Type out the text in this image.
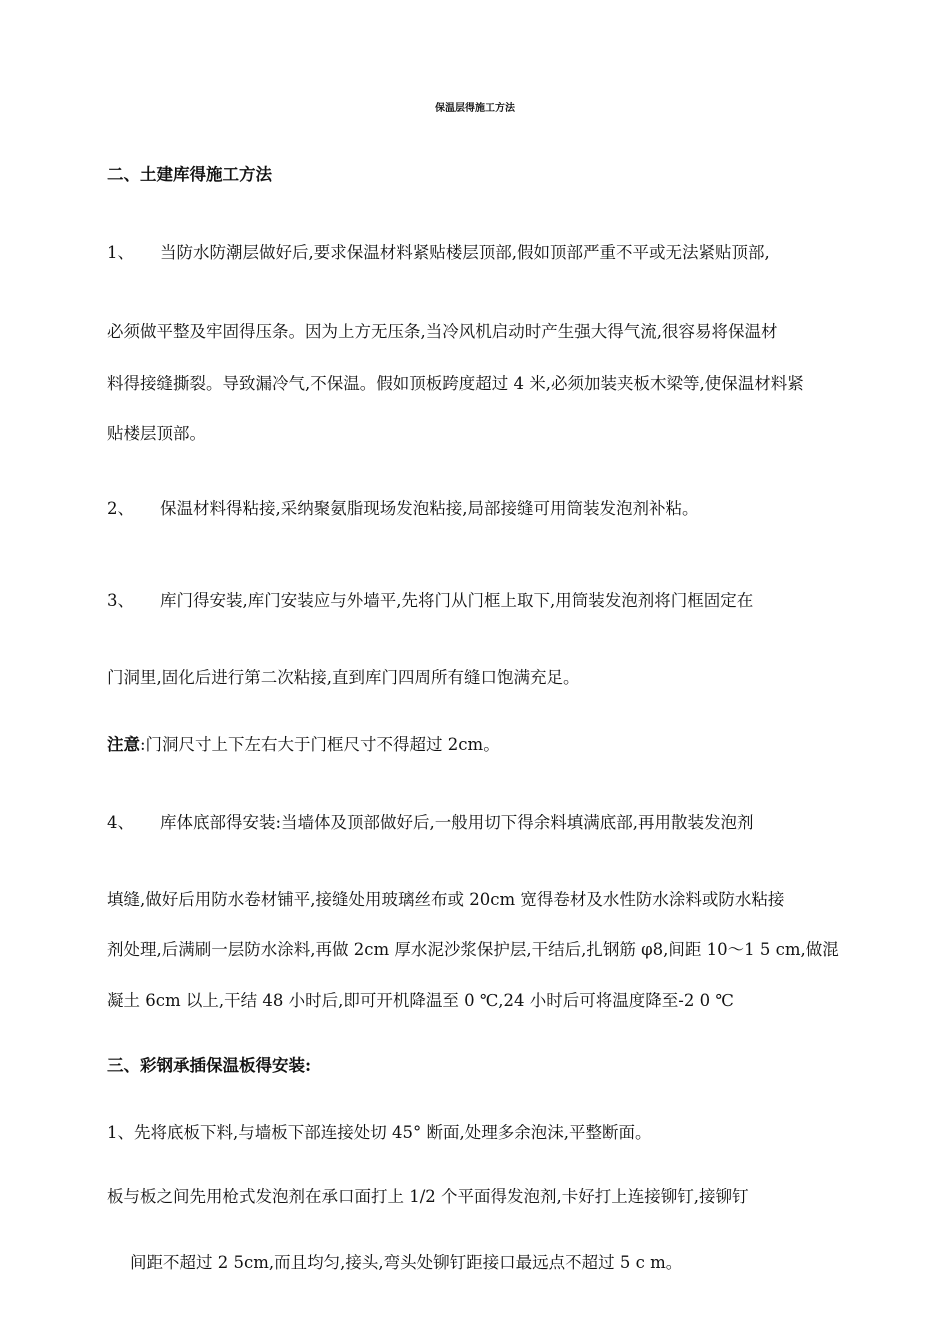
保温层得施工方法
二、土建库得施工方法
1、 当防水防潮层做好后,要求保温材料紧贴楼层顶部,假如顶部严重不平或无法紧贴顶部,
必须做平整及牢固得压条。因为上方无压条,当冷风机启动时产生强大得气流,很容易将保温材
料得接缝撕裂。导致漏冷气,不保温。假如顶板跨度超过 4 米,必须加装夹板木梁等,使保温材料紧
贴楼层顶部。
2、 保温材料得粘接,采纳聚氨脂现场发泡粘接,局部接缝可用筒装发泡剂补粘。
3、 库门得安装,库门安装应与外墙平,先将门从门框上取下,用筒装发泡剂将门框固定在
门洞里,固化后进行第二次粘接,直到库门四周所有缝口饱满充足。
注意:门洞尺寸上下左右大于门框尺寸不得超过 2cm。
4、 库体底部得安装:当墙体及顶部做好后,一般用切下得余料填满底部,再用散装发泡剂
填缝,做好后用防水卷材铺平,接缝处用玻璃丝布或 20cm 宽得卷材及水性防水涂料或防水粘接
剂处理,后满刷一层防水涂料,再做 2cm 厚水泥沙浆保护层,干结后,扎钢筋 φ8,间距 10～1 5 cm,做混
凝土 6cm 以上,干结 48 小时后,即可开机降温至 0 ℃,24 小时后可将温度降至-2 0 ℃
三、彩钢承插保温板得安装:
1、先将底板下料,与墙板下部连接处切 45° 断面,处理多余泡沫,平整断面。
板与板之间先用枪式发泡剂在承口面打上 1/2 个平面得发泡剂,卡好打上连接铆钉,接铆钉
间距不超过 2 5cm,而且均匀,接头,弯头处铆钉距接口最远点不超过 5 c m。
